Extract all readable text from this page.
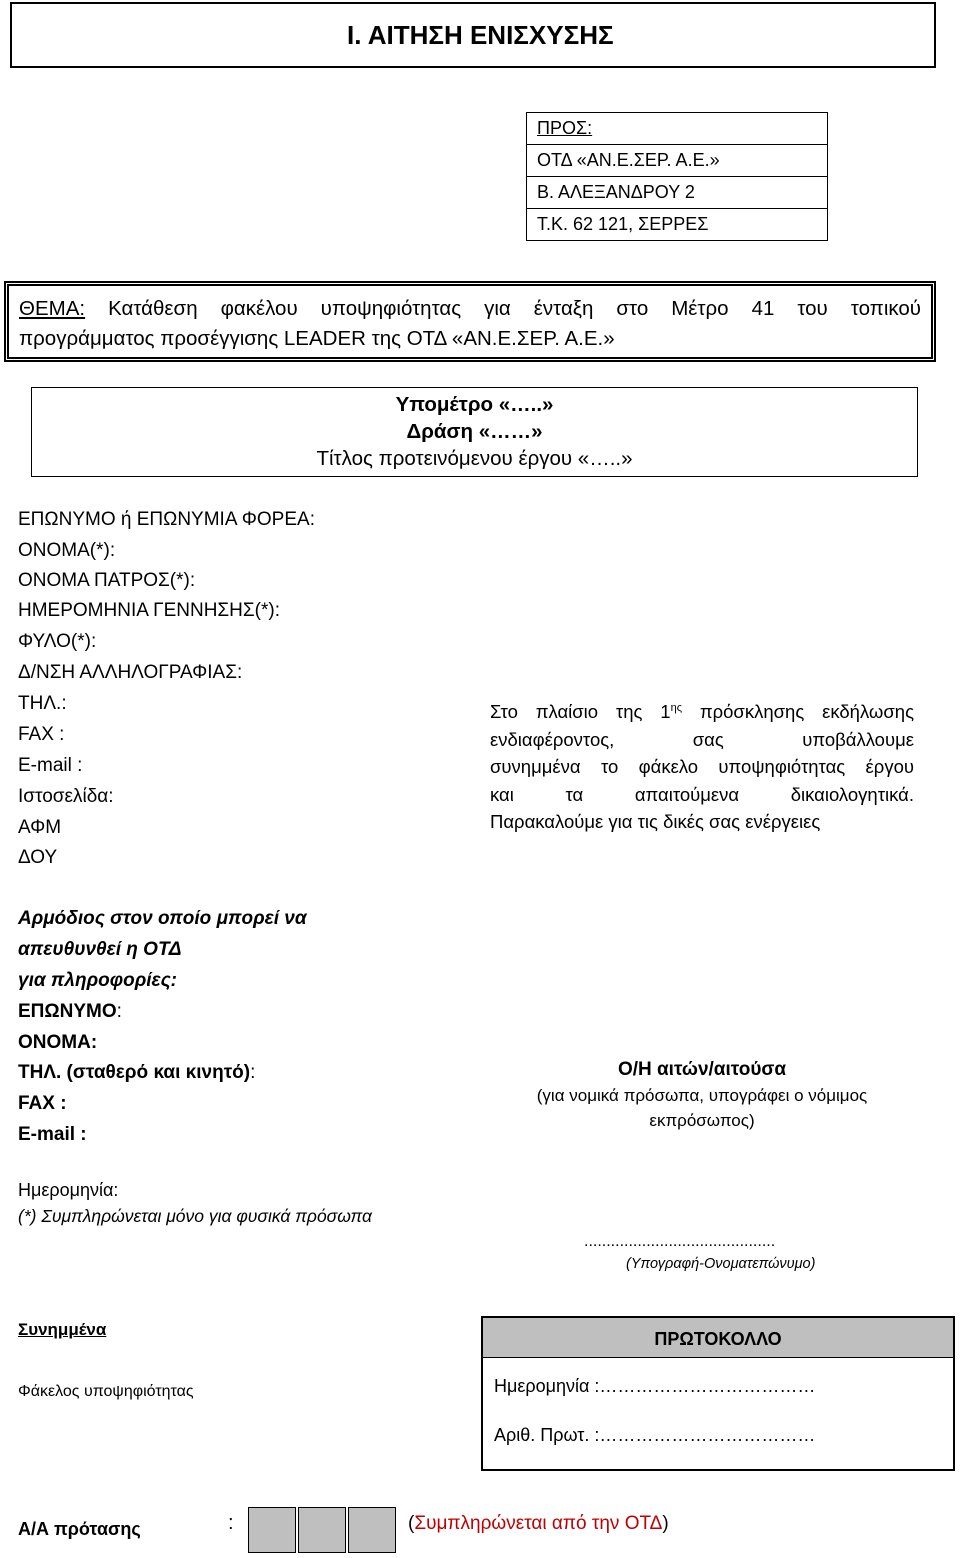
Ι. ΑΙΤΗΣΗ ΕΝΙΣΧΥΣΗΣ
ΠΡΟΣ:
ΟΤΔ «ΑΝ.Ε.ΣΕΡ. Α.Ε.»
Β. ΑΛΕΞΑΝΔΡΟΥ 2
Τ.Κ. 62 121, ΣΕΡΡΕΣ
ΘΕΜΑ: Κατάθεση φακέλου υποψηφιότητας για ένταξη στο Μέτρο 41 του τοπικού
προγράμματος προσέγγισης LEADER της ΟΤΔ «ΑΝ.Ε.ΣΕΡ. Α.Ε.»
Υπομέτρο «…..»
Δράση «……»
Τίτλος προτεινόμενου έργου «…..»
ΕΠΩΝΥΜΟ ή ΕΠΩΝΥΜΙΑ ΦΟΡΕΑ:
ΟΝΟΜΑ(*):
ΟΝΟΜΑ ΠΑΤΡΟΣ(*):
ΗΜΕΡΟΜΗΝΙΑ ΓΕΝΝΗΣΗΣ(*):
ΦΥΛΟ(*):
Δ/ΝΣΗ ΑΛΛΗΛΟΓΡΑΦΙΑΣ:
ΤΗΛ.:
FAX :
E-mail :
Ιστοσελίδα:
ΑΦΜ
ΔΟΥ
Στο πλαίσιο της $1^{\eta\varsigma}$ πρόσκλησης εκδήλωσης
ενδιαφέροντος, σας υποβάλλουμε
συνημμένα το φάκελο υποψηφιότητας έργου
και τα απαιτούμενα δικαιολογητικά.
Παρακαλούμε για τις δικές σας ενέργειες
Αρμόδιος στον οποίο μπορεί να
απευθυνθεί η ΟΤΔ
για πληροφορίες:
ΕΠΩΝΥΜΟ:
ΟΝΟΜΑ:
ΤΗΛ. (σταθερό και κινητό):
FAX :
E-mail :
Ο/Η αιτών/αιτούσα
(για νομικά πρόσωπα, υπογράφει ο νόμιμος
εκπρόσωπος)
...........................................
(Υπογραφή-Ονοματεπώνυμο)
Ημερομηνία:
(*) Συμπληρώνεται μόνο για φυσικά πρόσωπα
Συνημμένα
Φάκελος υποψηφιότητας
ΠΡΩΤΟΚΟΛΛΟ
Ημερομηνία :………………………………
Αριθ. Πρωτ. :………………………………
Α/Α πρότασης	:	(Συμπληρώνεται από την ΟΤΔ)
